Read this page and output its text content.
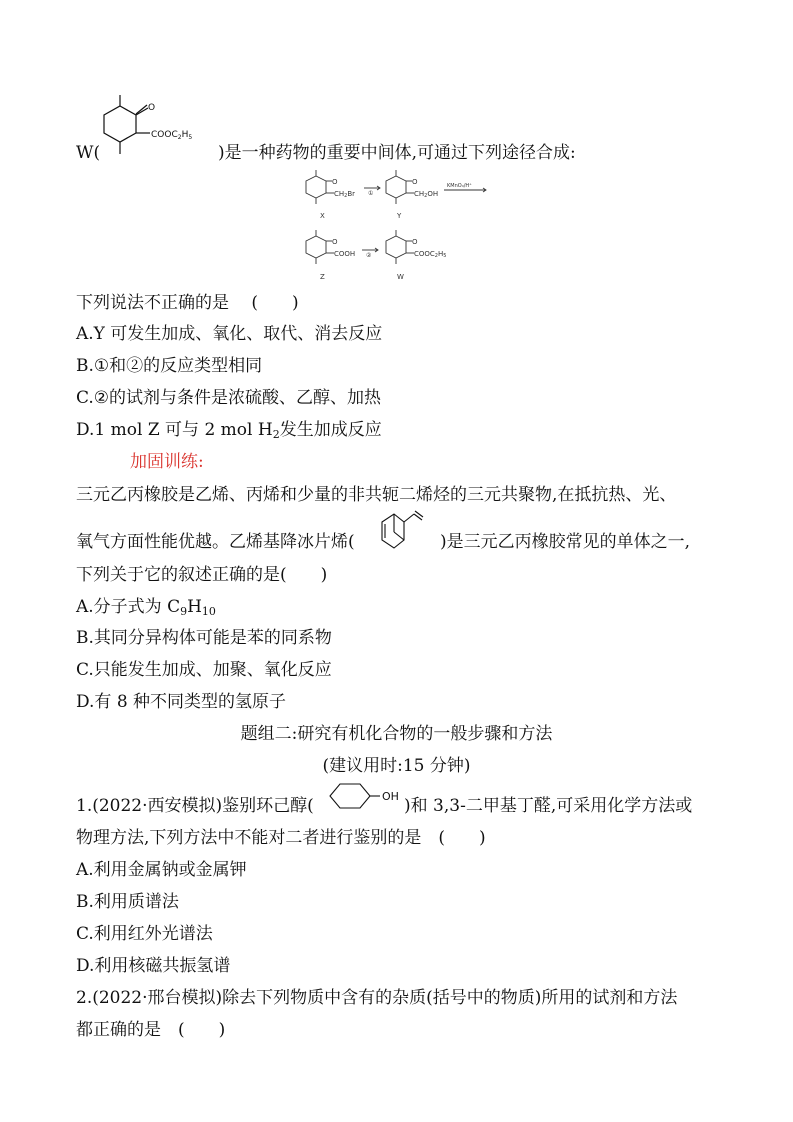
W(
O
$COOC_2H_5$
)是一种药物的重要中间体,可通过下列途径合成:
O
CH2Br ①
O
CH2OH
KMnO₄/H⁺
O
COOH ②
O
COOC2H5
X	Y
Z	W
下列说法不正确的是　 (　　)
A.Y 可发生加成、氧化、取代、消去反应
B.①和②的反应类型相同
C.②的试剂与条件是浓硫酸、乙醇、加热
D.1 mol Z 可与 2 mol $H_2$发生加成反应
加固训练:
三元乙丙橡胶是乙烯、丙烯和少量的非共轭二烯烃的三元共聚物,在抵抗热、光、
氧气方面性能优越。乙烯基降冰片烯(	)是三元乙丙橡胶常见的单体之一,
下列关于它的叙述正确的是(　　)
A.分子式为 $C_9H_{10}$
B.其同分异构体可能是苯的同系物
C.只能发生加成、加聚、氧化反应
D.有 8 种不同类型的氢原子
题组二:研究有机化合物的一般步骤和方法
(建议用时:15 分钟)
1.(2022·西安模拟)鉴别环己醇(	OH )和 3,3-二甲基丁醛,可采用化学方法或
物理方法,下列方法中不能对二者进行鉴别的是　(　　)
A.利用金属钠或金属钾
B.利用质谱法
C.利用红外光谱法
D.利用核磁共振氢谱
2.(2022·邢台模拟)除去下列物质中含有的杂质(括号中的物质)所用的试剂和方法
都正确的是　(　　)
